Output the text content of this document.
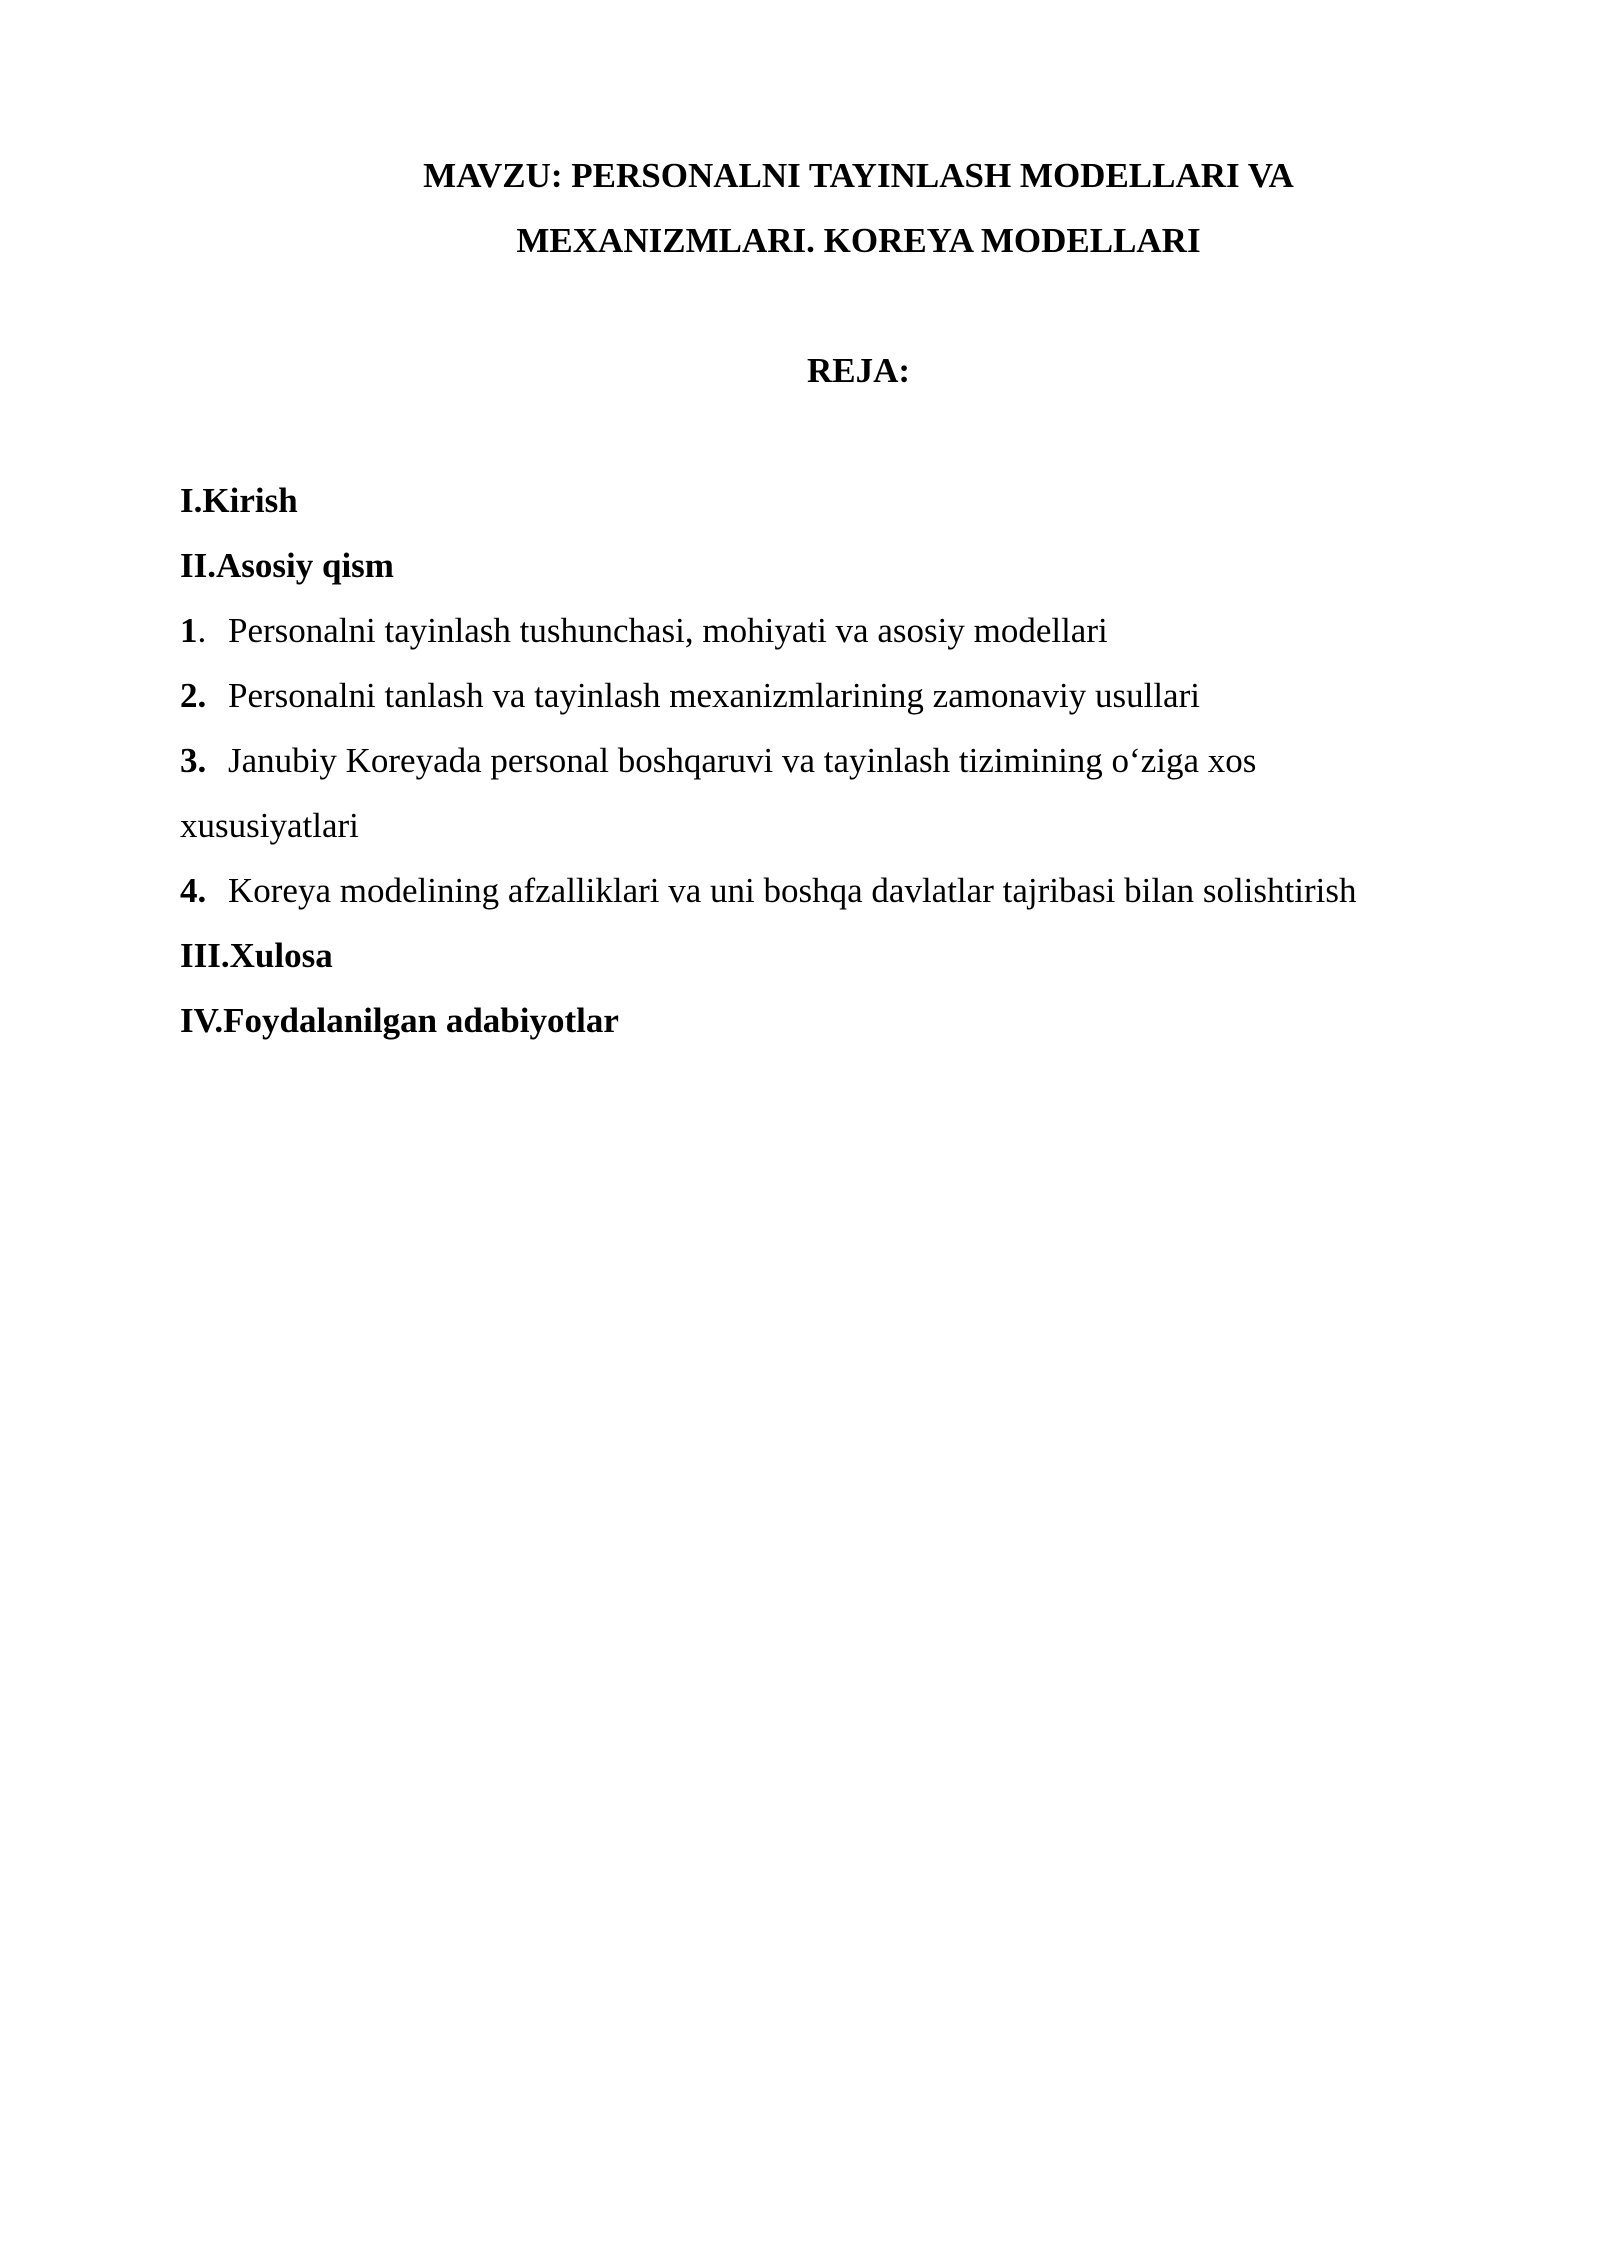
MAVZU: PERSONALNI TAYINLASH MODELLARI VA
MEXANIZMLARI. KOREYA MODELLARI
REJA:
I.Kirish
II.Asosiy qism
1. Personalni tayinlash tushunchasi, mohiyati va asosiy modellari
2. Personalni tanlash va tayinlash mexanizmlarining zamonaviy usullari
3. Janubiy Koreyada personal boshqaruvi va tayinlash tizimining o‘ziga xos
xususiyatlari
4. Koreya modelining afzalliklari va uni boshqa davlatlar tajribasi bilan solishtirish
III.Xulosa
IV.Foydalanilgan adabiyotlar
